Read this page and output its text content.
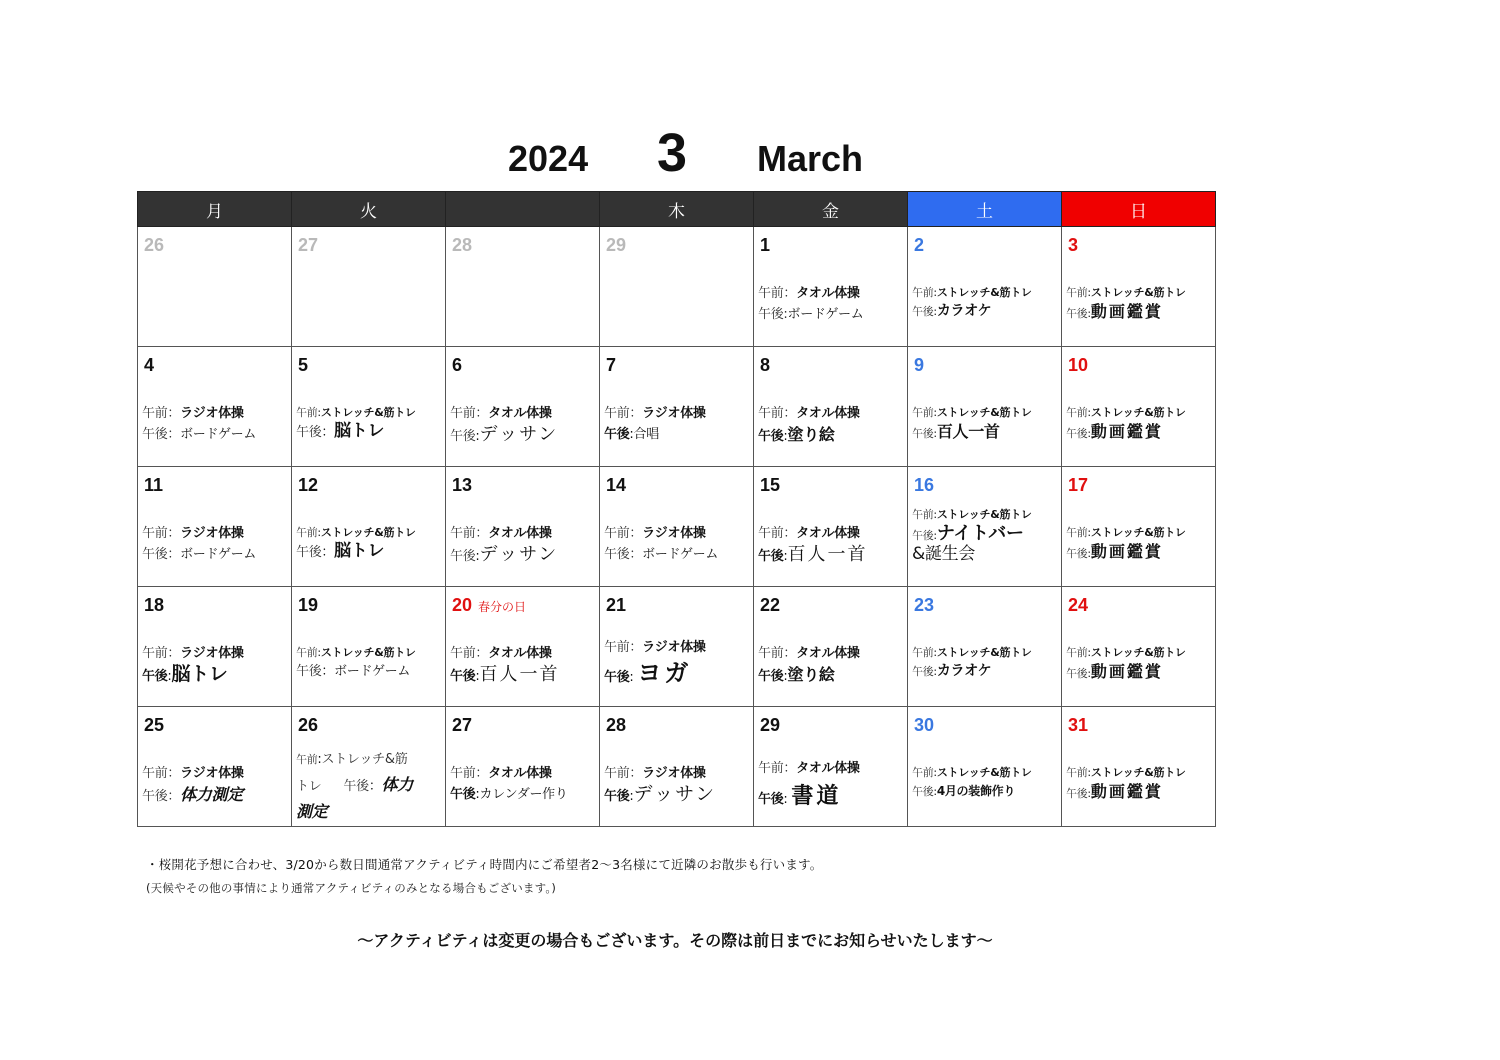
2024 3 March
月	火		木	金	土	日

26	27	28	29	1
午前：タオル体操
午後:ボードゲーム	2
午前:ストレッチ&筋トレ
午後:カラオケ	3
午前:ストレッチ&筋トレ
午後:動画鑑賞

4
午前：ラジオ体操
午後：ボードゲーム	5
午前:ストレッチ&筋トレ
午後：脳トレ	6
午前：タオル体操
午後:デッサン	7
午前：ラジオ体操
午後:合唱	8
午前：タオル体操
午後:塗り絵	9
午前:ストレッチ&筋トレ
午後:百人一首	10
午前:ストレッチ&筋トレ
午後:動画鑑賞

11
午前：ラジオ体操
午後：ボードゲーム	12
午前:ストレッチ&筋トレ
午後：脳トレ	13
午前：タオル体操
午後:デッサン	14
午前：ラジオ体操
午後：ボードゲーム	15
午前：タオル体操
午後:百人一首	16
午前:ストレッチ&筋トレ
午後:ナイトバー
&誕生会	17
午前:ストレッチ&筋トレ
午後:動画鑑賞

18
午前：ラジオ体操
午後:脳トレ	19
午前:ストレッチ&筋トレ
午後：ボードゲーム	20 春分の日
午前：タオル体操
午後:百人一首	21
午前：ラジオ体操
午後: ヨガ	22
午前：タオル体操
午後:塗り絵	23
午前:ストレッチ&筋トレ
午後:カラオケ	24
午前:ストレッチ&筋トレ
午後:動画鑑賞

25
午前：ラジオ体操
午後：体力測定	26
午前:ストレッチ&筋
トレ 午後：体力
測定	27
午前：タオル体操
午後:カレンダー作り	28
午前：ラジオ体操
午後:デッサン	29
午前：タオル体操
午後: 書道	30
午前:ストレッチ&筋トレ
午後:4月の装飾作り	31
午前:ストレッチ&筋トレ
午後:動画鑑賞
・桜開花予想に合わせ、3/20から数日間通常アクティビティ時間内にご希望者2〜3名様にて近隣のお散歩も行います。
(天候やその他の事情により通常アクティビティのみとなる場合もございます。)
〜アクティビティは変更の場合もございます。その際は前日までにお知らせいたします〜
